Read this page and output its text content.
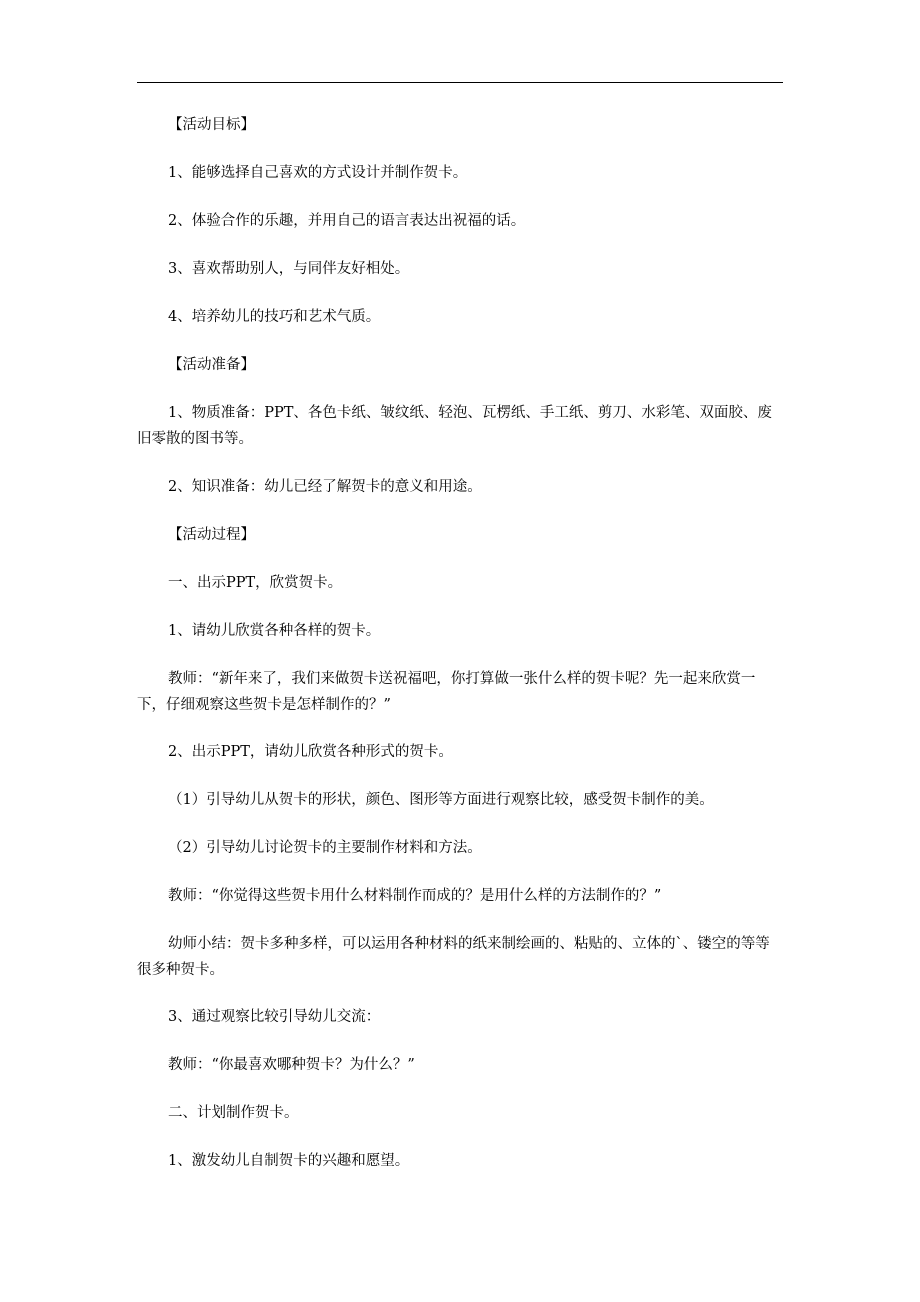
【活动目标】

1、能够选择自己喜欢的方式设计并制作贺卡。

2、体验合作的乐趣，并用自己的语言表达出祝福的话。

3、喜欢帮助别人，与同伴友好相处。

4、培养幼儿的技巧和艺术气质。

【活动准备】

1、物质准备：PPT、各色卡纸、皱纹纸、轻泡、瓦楞纸、手工纸、剪刀、水彩笔、双面胶、废旧零散的图书等。

2、知识准备：幼儿已经了解贺卡的意义和用途。

【活动过程】

一、出示PPT，欣赏贺卡。

1、请幼儿欣赏各种各样的贺卡。

教师：“新年来了，我们来做贺卡送祝福吧，你打算做一张什么样的贺卡呢？先一起来欣赏一下，仔细观察这些贺卡是怎样制作的？”

2、出示PPT，请幼儿欣赏各种形式的贺卡。

（1）引导幼儿从贺卡的形状，颜色、图形等方面进行观察比较，感受贺卡制作的美。

（2）引导幼儿讨论贺卡的主要制作材料和方法。

教师：“你觉得这些贺卡用什么材料制作而成的？是用什么样的方法制作的？”

幼师小结：贺卡多种多样，可以运用各种材料的纸来制绘画的、粘贴的、立体的`、镂空的等等很多种贺卡。

3、通过观察比较引导幼儿交流：

教师：“你最喜欢哪种贺卡？为什么？”

二、计划制作贺卡。

1、激发幼儿自制贺卡的兴趣和愿望。
